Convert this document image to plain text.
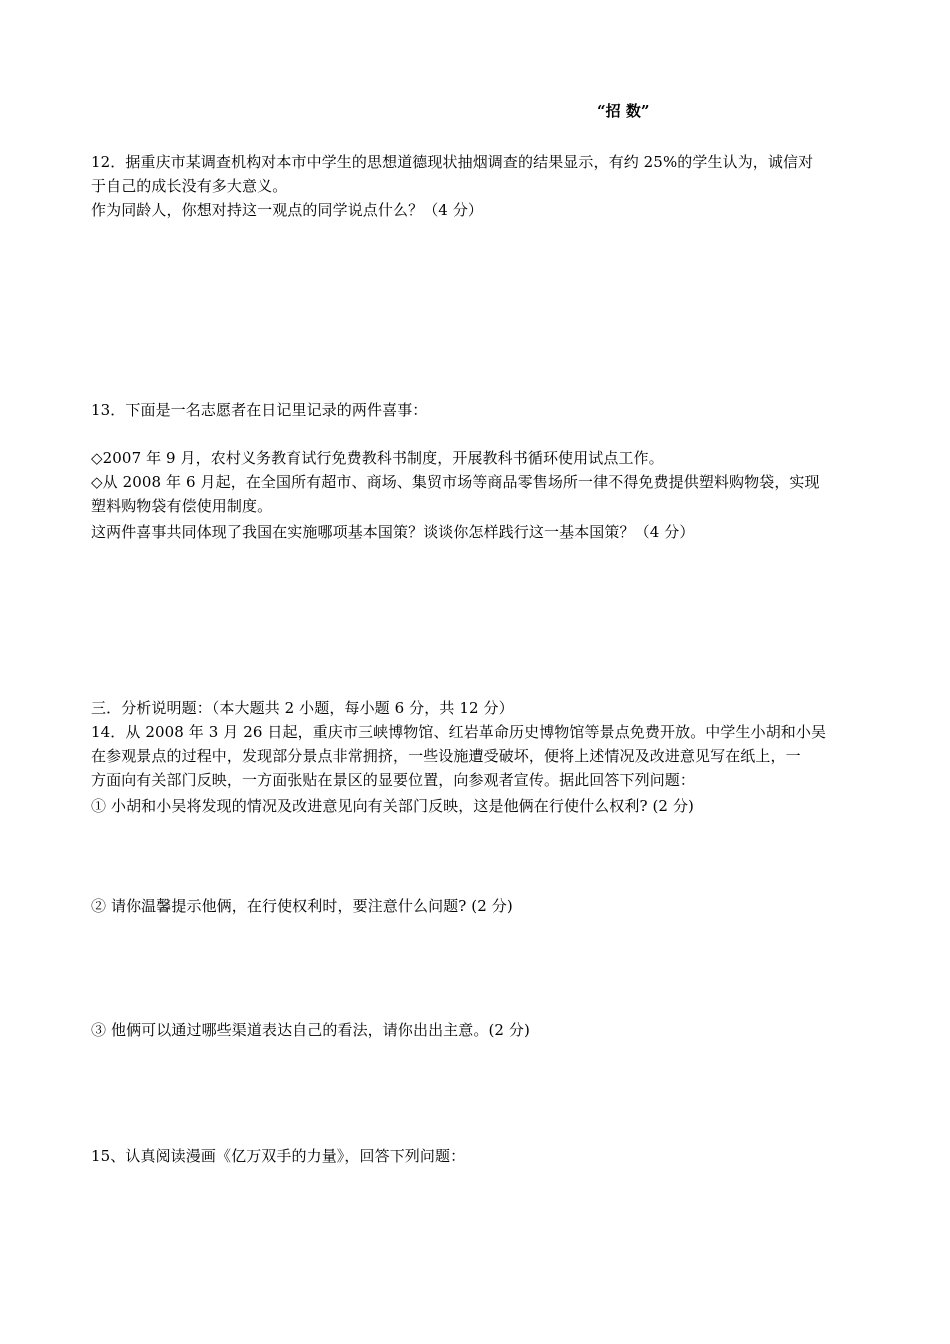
“招 数”
12．据重庆市某调查机构对本市中学生的思想道德现状抽烟调查的结果显示，有约 25%的学生认为，诚信对
于自己的成长没有多大意义。
作为同龄人，你想对持这一观点的同学说点什么？（4 分）
13．下面是一名志愿者在日记里记录的两件喜事：
◇2007 年 9 月，农村义务教育试行免费教科书制度，开展教科书循环使用试点工作。
◇从 2008 年 6 月起，在全国所有超市、商场、集贸市场等商品零售场所一律不得免费提供塑料购物袋，实现
塑料购物袋有偿使用制度。
这两件喜事共同体现了我国在实施哪项基本国策？谈谈你怎样践行这一基本国策？（4 分）
三．分析说明题：（本大题共 2 小题，每小题 6 分，共 12 分）
14．从 2008 年 3 月 26 日起，重庆市三峡博物馆、红岩革命历史博物馆等景点免费开放。中学生小胡和小吴
在参观景点的过程中，发现部分景点非常拥挤，一些设施遭受破坏，便将上述情况及改进意见写在纸上，一
方面向有关部门反映，一方面张贴在景区的显要位置，向参观者宣传。据此回答下列问题：
① 小胡和小吴将发现的情况及改进意见向有关部门反映，这是他俩在行使什么权利? (2 分)
② 请你温馨提示他俩，在行使权利时，要注意什么问题? (2 分)
③ 他俩可以通过哪些渠道表达自己的看法，请你出出主意。(2 分)
15、认真阅读漫画《亿万双手的力量》，回答下列问题：
